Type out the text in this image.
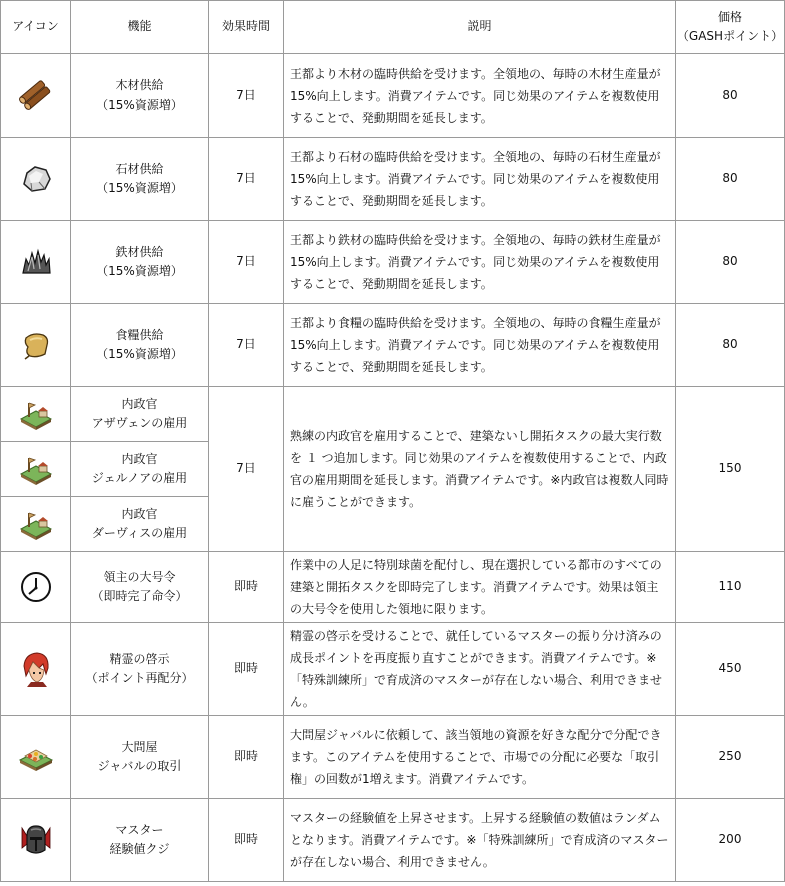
アイコン	機能	効果時間	説明	価格
（GASHポイント）

木材供給
（15%資源増）	7日	王都より木材の臨時供給を受けます。全領地の、毎時の木材生産量が15%向上します。消費アイテムです。同じ効果のアイテムを複数使用することで、発動期間を延長します。	80

石材供給
（15%資源増）	7日	王都より石材の臨時供給を受けます。全領地の、毎時の石材生産量が15%向上します。消費アイテムです。同じ効果のアイテムを複数使用することで、発動期間を延長します。	80

鉄材供給
（15%資源増）	7日	王都より鉄材の臨時供給を受けます。全領地の、毎時の鉄材生産量が15%向上します。消費アイテムです。同じ効果のアイテムを複数使用することで、発動期間を延長します。	80

食糧供給
（15%資源増）	7日	王都より食糧の臨時供給を受けます。全領地の、毎時の食糧生産量が15%向上します。消費アイテムです。同じ効果のアイテムを複数使用することで、発動期間を延長します。	80

内政官
アザヴェンの雇用	7日	熟練の内政官を雇用することで、建築ないし開拓タスクの最大実行数を １ つ追加します。同じ効果のアイテムを複数使用することで、内政官の雇用期間を延長します。消費アイテムです。※内政官は複数人同時に雇うことができます。	150

内政官
ジェルノアの雇用			

内政官
ダーヴィスの雇用			

領主の大号令
（即時完了命令）	即時	作業中の人足に特別球菌を配付し、現在選択している都市のすべての建築と開拓タスクを即時完了します。消費アイテムです。効果は領主の大号令を使用した領地に限ります。	110

精霊の啓示
（ポイント再配分）	即時	精霊の啓示を受けることで、就任しているマスターの振り分け済みの成長ポイントを再度振り直すことができます。消費アイテムです。※「特殊訓練所」で育成済のマスターが存在しない場合、利用できません。	450

大問屋
ジャバルの取引	即時	大問屋ジャバルに依頼して、該当領地の資源を好きな配分で分配できます。このアイテムを使用することで、市場での分配に必要な「取引権」の回数が1増えます。消費アイテムです。	250

マスター
経験値クジ	即時	マスターの経験値を上昇させます。上昇する経験値の数値はランダムとなります。消費アイテムです。※「特殊訓練所」で育成済のマスターが存在しない場合、利用できません。	200
